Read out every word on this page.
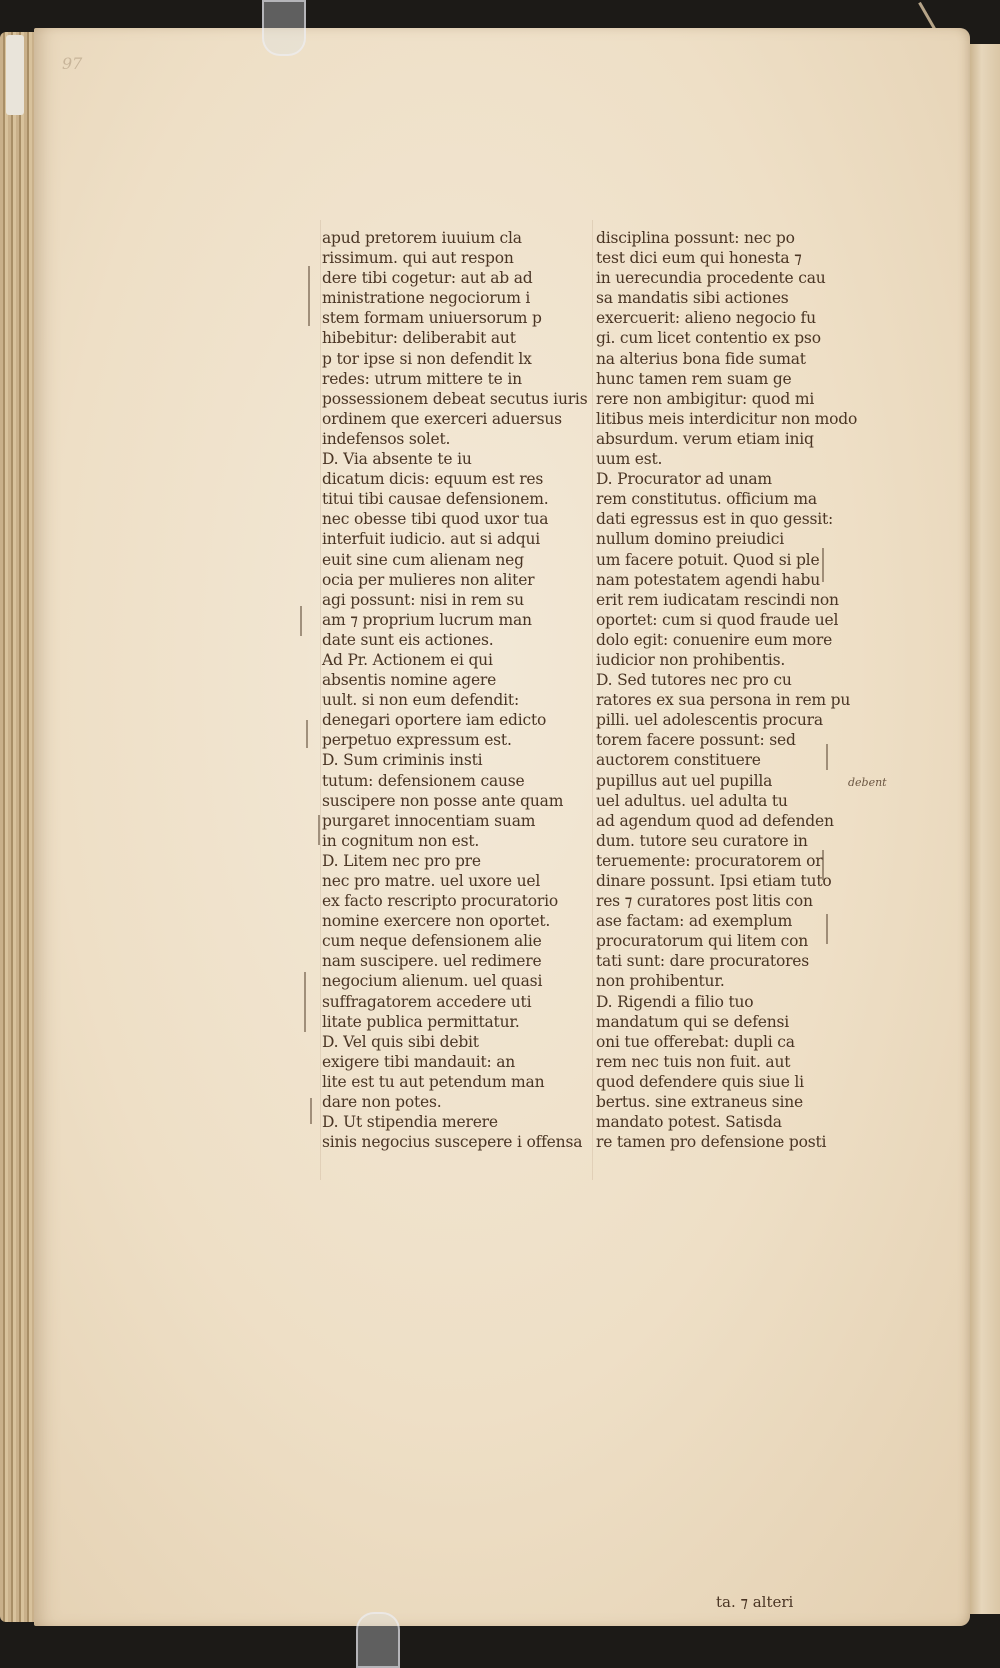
97
apud pretorem iuuium cla
rissimum. qui aut respon
dere tibi cogetur: aut ab ad
ministratione negociorum i
stem formam uniuersorum p
hibebitur: deliberabit aut
p tor ipse si non defendit lx
redes: utrum mittere te in
possessionem debeat secutus iuris
ordinem que exerceri aduersus
indefensos solet.
D. Via absente te iu
dicatum dicis: equum est res
titui tibi causae defensionem.
nec obesse tibi quod uxor tua
interfuit iudicio. aut si adqui
euit sine cum alienam neg
ocia per mulieres non aliter
agi possunt: nisi in rem su
am ⁊ proprium lucrum man
date sunt eis actiones.
Ad Pr. Actionem ei qui
absentis nomine agere
uult. si non eum defendit:
denegari oportere iam edicto
perpetuo expressum est.
D. Sum criminis insti
tutum: defensionem cause
suscipere non posse ante quam
purgaret innocentiam suam
in cognitum non est.
D. Litem nec pro pre
nec pro matre. uel uxore uel
ex facto rescripto procuratorio
nomine exercere non oportet.
cum neque defensionem alie
nam suscipere. uel redimere
negocium alienum. uel quasi
suffragatorem accedere uti
litate publica permittatur.
D. Vel quis sibi debit
exigere tibi mandauit: an
lite est tu aut petendum man
dare non potes.
D. Ut stipendia merere
sinis negocius suscepere i offensa
disciplina possunt: nec po
test dici eum qui honesta ⁊
in uerecundia procedente cau
sa mandatis sibi actiones
exercuerit: alieno negocio fu
gi. cum licet contentio ex pso
na alterius bona fide sumat
hunc tamen rem suam ge
rere non ambigitur: quod mi
litibus meis interdicitur non modo
absurdum. verum etiam iniq
uum est.
D. Procurator ad unam
rem constitutus. officium ma
dati egressus est in quo gessit:
nullum domino preiudici
um facere potuit. Quod si ple
nam potestatem agendi habu
erit rem iudicatam rescindi non
oportet: cum si quod fraude uel
dolo egit: conuenire eum more
iudicior non prohibentis.
D. Sed tutores nec pro cu
ratores ex sua persona in rem pu
pilli. uel adolescentis procura
torem facere possunt: sed
auctorem constituere
pupillus aut uel pupilla
uel adultus. uel adulta tu
ad agendum quod ad defenden
dum. tutore seu curatore in
teruemente: procuratorem or
dinare possunt. Ipsi etiam tuto
res ⁊ curatores post litis con
ase factam: ad exemplum
procuratorum qui litem con
tati sunt: dare procuratores
non prohibentur.
D. Rigendi a filio tuo
mandatum qui se defensi
oni tue offerebat: dupli ca
rem nec tuis non fuit. aut
quod defendere quis siue li
bertus. sine extraneus sine
mandato potest. Satisda
re tamen pro defensione posti
debent
ta. ⁊ alteri
